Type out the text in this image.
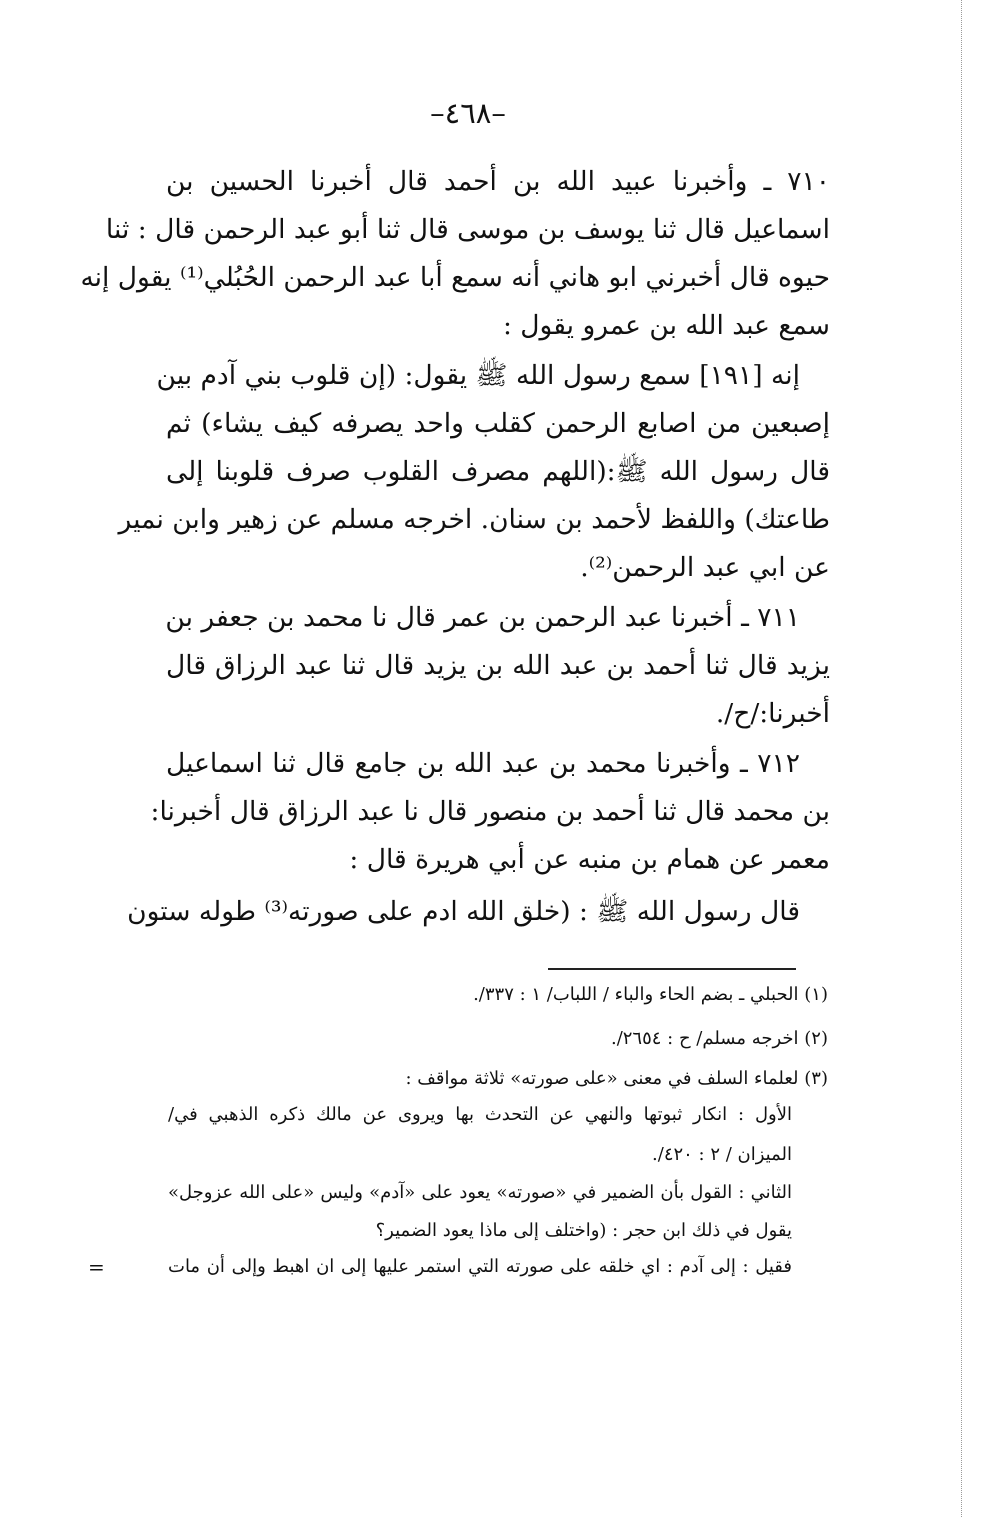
–٤٦٨–
٧١٠ ـ وأخبرنا عبيد الله بن أحمد قال أخبرنا الحسين بن
اسماعيل قال ثنا يوسف بن موسى قال ثنا أبو عبد الرحمن قال : ثنا
حيوه قال أخبرني ابو هاني أنه سمع أبا عبد الرحمن الحُبُلي⁽¹⁾ يقول إنه
سمع عبد الله بن عمرو يقول :
إنه [١٩١] سمع رسول الله ﷺ يقول: (إن قلوب بني آدم بين
إصبعين من اصابع الرحمن كقلب واحد يصرفه كيف يشاء) ثم
قال رسول الله ﷺ:(اللهم مصرف القلوب صرف قلوبنا إلى
طاعتك) واللفظ لأحمد بن سنان. اخرجه مسلم عن زهير وابن نمير
عن ابي عبد الرحمن⁽²⁾.
٧١١ ـ أخبرنا عبد الرحمن بن عمر قال نا محمد بن جعفر بن
يزيد قال ثنا أحمد بن عبد الله بن يزيد قال ثنا عبد الرزاق قال
أخبرنا:/ح/.
٧١٢ ـ وأخبرنا محمد بن عبد الله بن جامع قال ثنا اسماعيل
بن محمد قال ثنا أحمد بن منصور قال نا عبد الرزاق قال أخبرنا:
معمر عن همام بن منبه عن أبي هريرة قال :
قال رسول الله ﷺ : (خلق الله ادم على صورته⁽³⁾ طوله ستون
(١) الحبلي ـ بضم الحاء والباء / اللباب/ ١ : ٣٣٧/.
(٢) اخرجه مسلم/ ح : ٢٦٥٤/.
(٣) لعلماء السلف في معنى «على صورته» ثلاثة مواقف :
الأول : انكار ثبوتها والنهي عن التحدث بها ويروى عن مالك ذكره الذهبي في/
الميزان / ٢ : ٤٢٠/.
الثاني : القول بأن الضمير في «صورته» يعود على «آدم» وليس «على الله عزوجل»
يقول في ذلك ابن حجر : (واختلف إلى ماذا يعود الضمير؟
فقيل : إلى آدم : اي خلقه على صورته التي استمر عليها إلى ان اهبط وإلى أن مات
=
